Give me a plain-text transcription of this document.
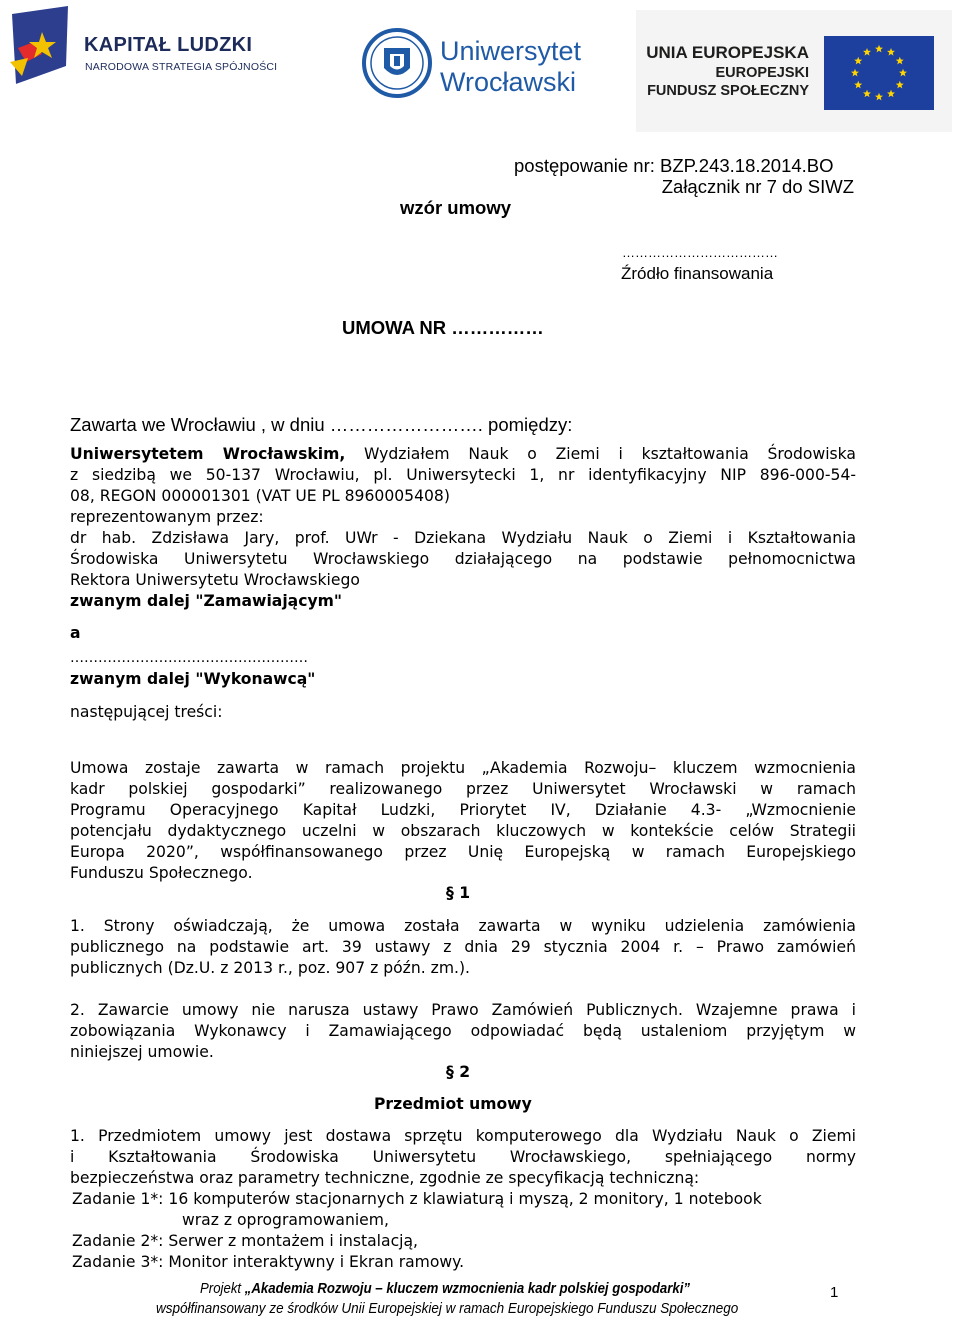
KAPITAŁ LUDZKI
NARODOWA STRATEGIA SPÓJNOŚCI
Uniwersytet
Wrocławski
UNIA EUROPEJSKA
EUROPEJSKI
FUNDUSZ SPOŁECZNY
postępowanie nr: BZP.243.18.2014.BO
Załącznik nr 7 do SIWZ
wzór umowy
………………………………
Źródło finansowania
UMOWA NR ……………
Zawarta we Wrocławiu , w dniu ……………………. pomiędzy:
Uniwersytetem Wrocławskim, Wydziałem Nauk o Ziemi i kształtowania Środowiska
z siedzibą we 50-137 Wrocławiu, pl. Uniwersytecki 1, nr identyfikacyjny NIP 896-000-54-
08, REGON 000001301 (VAT UE PL 8960005408)
reprezentowanym przez:
dr hab. Zdzisława Jary, prof. UWr - Dziekana Wydziału Nauk o Ziemi i Kształtowania
Środowiska Uniwersytetu Wrocławskiego działającego na podstawie pełnomocnictwa
Rektora Uniwersytetu Wrocławskiego
zwanym dalej "Zamawiającym"
a
……………………………………………
zwanym dalej "Wykonawcą"
następującej treści:
Umowa zostaje zawarta w ramach projektu „Akademia Rozwoju– kluczem wzmocnienia
kadr polskiej gospodarki” realizowanego przez Uniwersytet Wrocławski w ramach
Programu Operacyjnego Kapitał Ludzki, Priorytet IV, Działanie 4.3- „Wzmocnienie
potencjału dydaktycznego uczelni w obszarach kluczowych w kontekście celów Strategii
Europa 2020”, współfinansowanego przez Unię Europejską w ramach Europejskiego
Funduszu Społecznego.
§ 1
1. Strony oświadczają, że umowa została zawarta w wyniku udzielenia zamówienia
publicznego na podstawie art. 39 ustawy z dnia 29 stycznia 2004 r. – Prawo zamówień
publicznych (Dz.U. z 2013 r., poz. 907 z późn. zm.).
2. Zawarcie umowy nie narusza ustawy Prawo Zamówień Publicznych. Wzajemne prawa i
zobowiązania Wykonawcy i Zamawiającego odpowiadać będą ustaleniom przyjętym w
niniejszej umowie.
§ 2
Przedmiot umowy
1. Przedmiotem umowy jest dostawa sprzętu komputerowego dla Wydziału Nauk o Ziemi
i Kształtowania Środowiska Uniwersytetu Wrocławskiego, spełniającego normy
bezpieczeństwa oraz parametry techniczne, zgodnie ze specyfikacją techniczną:
Zadanie 1*: 16 komputerów stacjonarnych z klawiaturą i myszą, 2 monitory, 1 notebook
wraz z oprogramowaniem,
Zadanie 2*: Serwer z montażem i instalacją,
Zadanie 3*: Monitor interaktywny i Ekran ramowy.
Projekt „Akademia Rozwoju – kluczem wzmocnienia kadr polskiej gospodarki”
współfinansowany ze środków Unii Europejskiej w ramach Europejskiego Funduszu Społecznego
1
